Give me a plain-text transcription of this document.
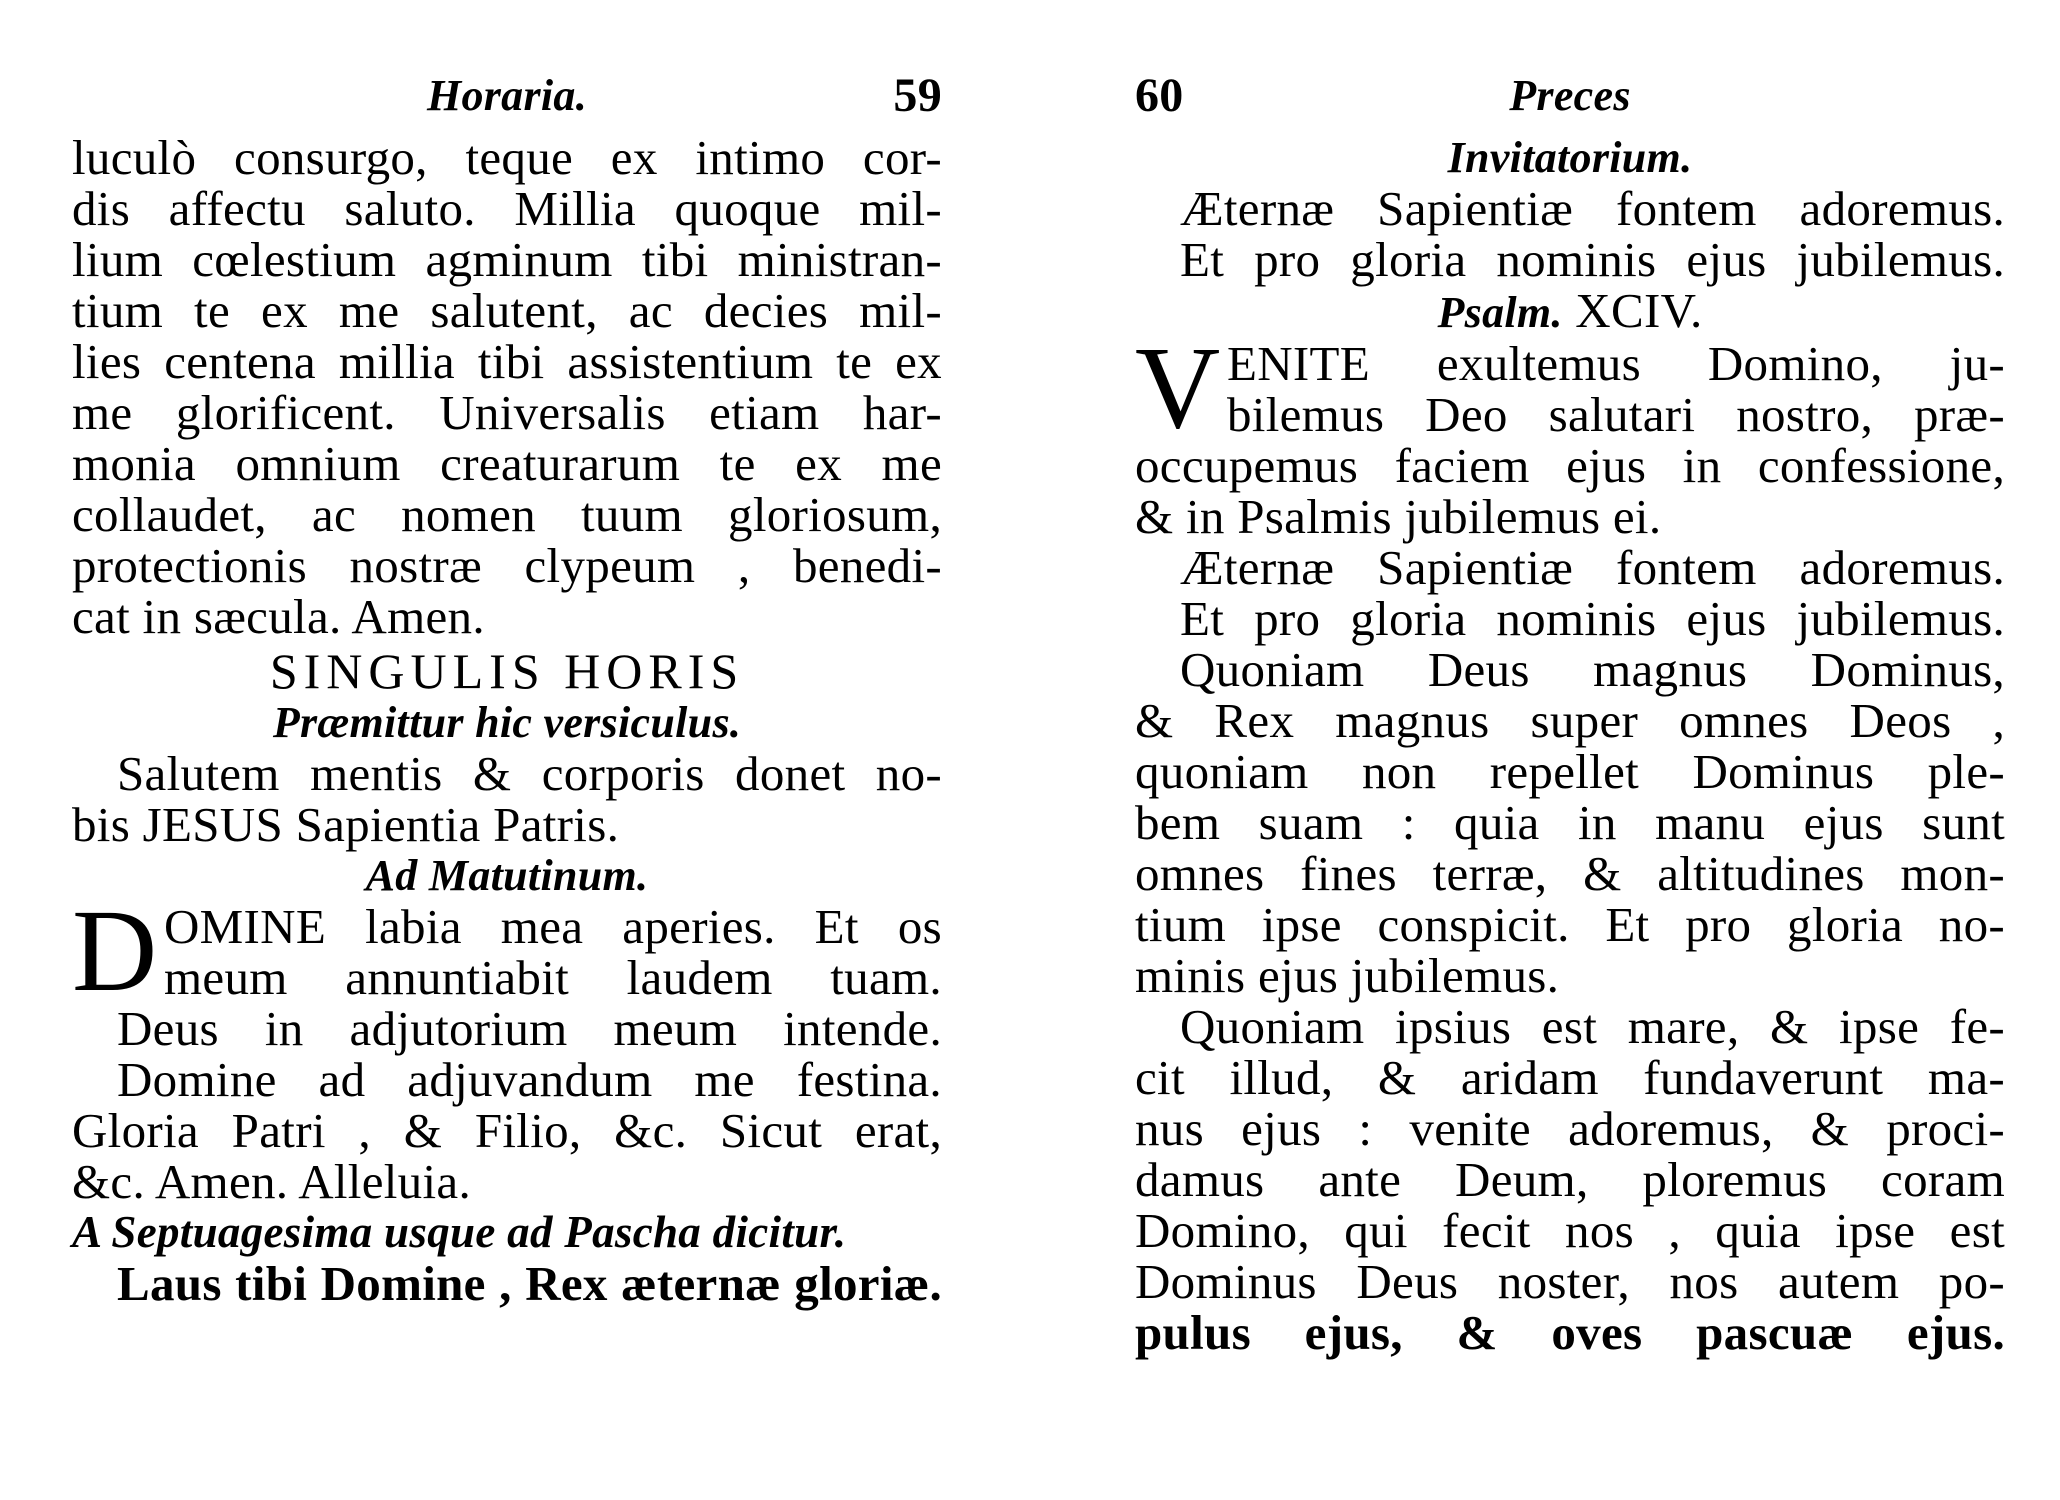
Horaria.	59
luculò consurgo, teque ex intimo cor-
dis affectu saluto. Millia quoque mil-
lium cœlestium agminum tibi ministran-
tium te ex me salutent, ac decies mil-
lies centena millia tibi assistentium te ex
me glorificent. Universalis etiam har-
monia omnium creaturarum te ex me
collaudet, ac nomen tuum gloriosum,
protectionis nostræ clypeum , benedi-
cat in sæcula. Amen.
SINGULIS HORIS
Præmittur hic versiculus.
Salutem mentis & corporis donet no-
bis JESUS Sapientia Patris.
Ad Matutinum.
D OMINE labia mea aperies. Et os
meum annuntiabit laudem tuam.
Deus in adjutorium meum intende.
Domine ad adjuvandum me festina.
Gloria Patri , & Filio, &c. Sicut erat,
&c. Amen. Alleluia.
A Septuagesima usque ad Pascha dicitur.
Laus tibi Domine , Rex æternæ gloriæ.
60	Preces
Invitatorium.
Æternæ Sapientiæ fontem adoremus.
Et pro gloria nominis ejus jubilemus.
Psalm. XCIV.
V ENITE exultemus Domino, ju-
bilemus Deo salutari nostro, præ-
occupemus faciem ejus in confessione,
& in Psalmis jubilemus ei.
Æternæ Sapientiæ fontem adoremus.
Et pro gloria nominis ejus jubilemus.
Quoniam Deus magnus Dominus,
& Rex magnus super omnes Deos ,
quoniam non repellet Dominus ple-
bem suam : quia in manu ejus sunt
omnes fines terræ, & altitudines mon-
tium ipse conspicit. Et pro gloria no-
minis ejus jubilemus.
Quoniam ipsius est mare, & ipse fe-
cit illud, & aridam fundaverunt ma-
nus ejus : venite adoremus, & proci-
damus ante Deum, ploremus coram
Domino, qui fecit nos , quia ipse est
Dominus Deus noster, nos autem po-
pulus ejus, & oves pascuæ ejus.
